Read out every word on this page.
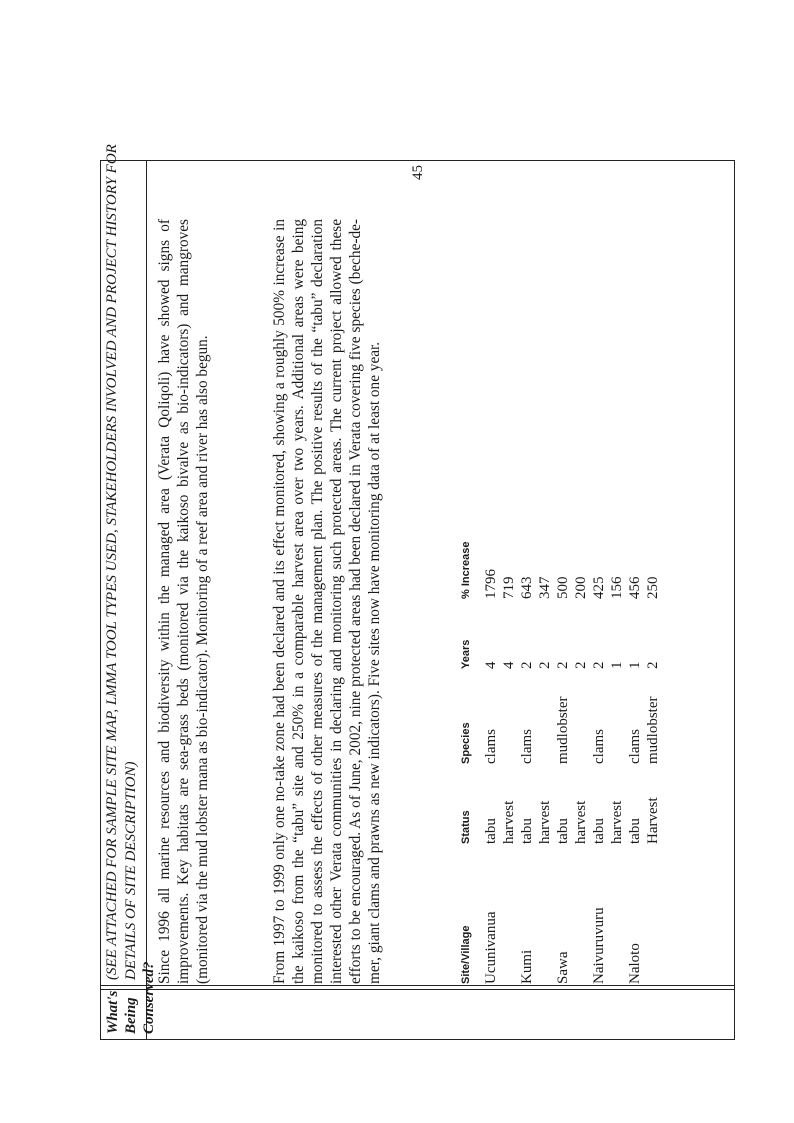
What's Being Conserved?
(SEE ATTACHED FOR SAMPLE SITE MAP, LMMA TOOL TYPES USED, STAKEHOLDERS INVOLVED AND PROJECT HISTORY FOR DETAILS OF SITE DESCRIPTION) Since 1996 all marine resources and biodiversity within the managed area (Verata Qoliqoli) have showed signs of improvements. Key habitats are sea-grass beds (monitored via the kaikoso bivalve as bio-indicators) and mangroves (monitored via the mud lobster mana as bio-indicator). Monitoring of a reef area and river has also begun.	From 1997 to 1999 only one no-take zone had been declared and its effect monitored, showing a roughly 500% increase in the kaikoso from the “tabu” site and 250% in a comparable harvest area over two years. Additional areas were being monitored to assess the effects of other measures of the management plan. The positive results of the “tabu” declaration interested other Verata communities in declaring and monitoring such protected areas. The current project allowed these efforts to be encouraged. As of June, 2002, nine protected areas had been declared in Verata covering five species (beche-de-mer, giant clams and prawns as new indicators). Five sites now have monitoring data of at least one year.	Site/Village	Status	Species	Years	% Increase
Ucunivanua	tabu	clams	4	1796
	harvest		4	719
Kumi	tabu	clams	2	643
	harvest		2	347
Sawa	tabu	mudlobster	2	500
	harvest		2	200
Naivuruvuru	tabu	clams	2	425
	harvest		1	156
Naloto	tabu	clams	1	456
	Harvest	mudlobster	2	250
45
